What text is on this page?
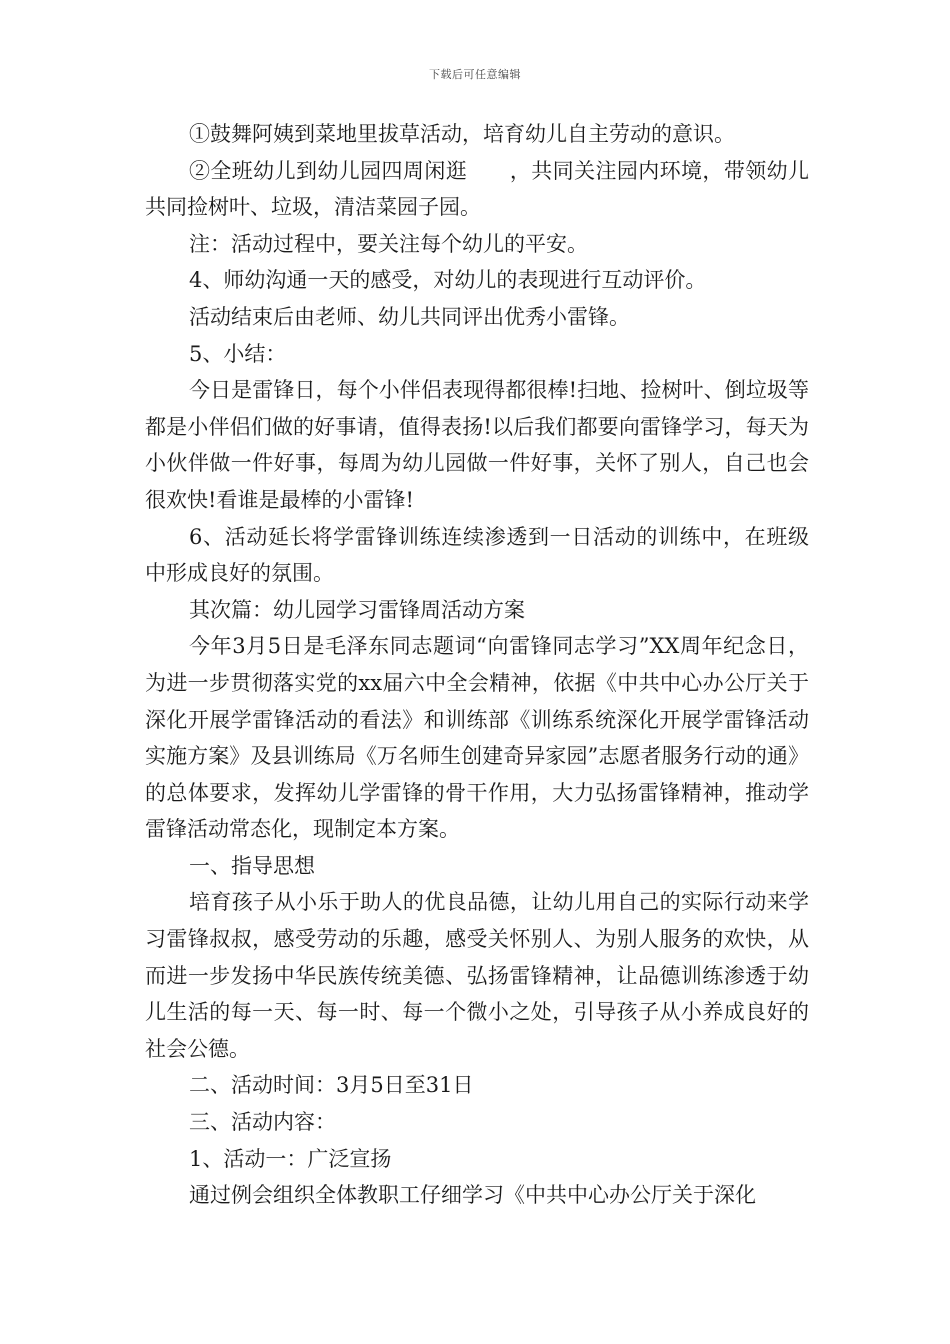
下载后可任意编辑

①鼓舞阿姨到菜地里拔草活动，培育幼儿自主劳动的意识。

②全班幼儿到幼儿园四周闲逛　　，共同关注园内环境，带领幼儿共同捡树叶、垃圾，清洁菜园子园。

注：活动过程中，要关注每个幼儿的平安。

4、师幼沟通一天的感受，对幼儿的表现进行互动评价。

活动结束后由老师、幼儿共同评出优秀小雷锋。

5、小结：

今日是雷锋日，每个小伴侣表现得都很棒!扫地、捡树叶、倒垃圾等都是小伴侣们做的好事请，值得表扬!以后我们都要向雷锋学习，每天为小伙伴做一件好事，每周为幼儿园做一件好事，关怀了别人，自己也会很欢快!看谁是最棒的小雷锋!

6、活动延长将学雷锋训练连续渗透到一日活动的训练中，在班级中形成良好的氛围。

其次篇：幼儿园学习雷锋周活动方案

今年3月5日是毛泽东同志题词“向雷锋同志学习”XX周年纪念日，为进一步贯彻落实党的xx届六中全会精神，依据《中共中心办公厅关于深化开展学雷锋活动的看法》和训练部《训练系统深化开展学雷锋活动实施方案》及县训练局《万名师生创建奇异家园”志愿者服务行动的通》的总体要求，发挥幼儿学雷锋的骨干作用，大力弘扬雷锋精神，推动学雷锋活动常态化，现制定本方案。

一、指导思想

培育孩子从小乐于助人的优良品德，让幼儿用自己的实际行动来学习雷锋叔叔，感受劳动的乐趣，感受关怀别人、为别人服务的欢快，从而进一步发扬中华民族传统美德、弘扬雷锋精神，让品德训练渗透于幼儿生活的每一天、每一时、每一个微小之处，引导孩子从小养成良好的社会公德。

二、活动时间：3月5日至31日

三、活动内容：

1、活动一：广泛宣扬

通过例会组织全体教职工仔细学习《中共中心办公厅关于深化
